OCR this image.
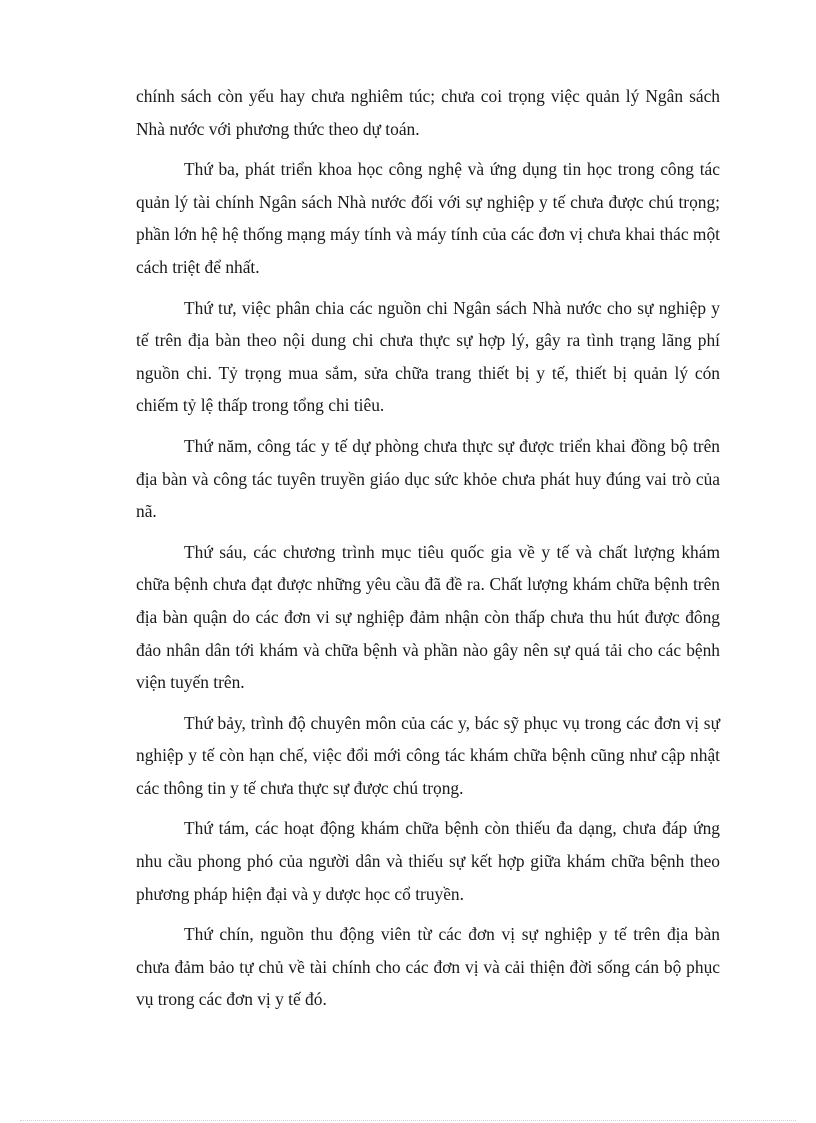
chính sách còn yếu hay chưa nghiêm túc; chưa coi trọng việc quản lý Ngân sách Nhà nước với phương thức theo dự toán.

Thứ ba, phát triển khoa học công nghệ và ứng dụng tin học trong công tác quản lý tài chính Ngân sách Nhà nước đối với sự nghiệp y tế chưa được chú trọng; phần lớn hệ hệ thống mạng máy tính và máy tính của các đơn vị chưa khai thác một cách triệt để nhất.

Thứ tư, việc phân chia các nguồn chi Ngân sách Nhà nước cho sự nghiệp y tế trên địa bàn theo nội dung chi chưa thực sự hợp lý, gây ra tình trạng lãng phí nguồn chi. Tỷ trọng mua sắm, sửa chữa trang thiết bị y tế, thiết bị quản lý cón chiếm tỷ lệ thấp trong tổng chi tiêu.

Thứ năm, công tác y tế dự phòng chưa thực sự được triển khai đồng bộ trên địa bàn và công tác tuyên truyền giáo dục sức khỏe chưa phát huy đúng vai trò của nã.

Thứ sáu, các chương trình mục tiêu quốc gia về y tế và chất lượng khám chữa bệnh chưa đạt được những yêu cầu đã đề ra. Chất lượng khám chữa bệnh trên địa bàn quận do các đơn vi sự nghiệp đảm nhận còn thấp chưa thu hút được đông đảo nhân dân tới khám và chữa bệnh và phần nào gây nên sự quá tải cho các bệnh viện tuyến trên.

Thứ bảy, trình độ chuyên môn của các y, bác sỹ phục vụ trong các đơn vị sự nghiệp y tế còn hạn chế, việc đổi mới công tác khám chữa bệnh cũng như cập nhật các thông tin y tế chưa thực sự được chú trọng.

Thứ tám, các hoạt động khám chữa bệnh còn thiếu đa dạng, chưa đáp ứng nhu cầu phong phó của người dân và thiếu sự kết hợp giữa khám chữa bệnh theo phương pháp hiện đại và y dược học cổ truyền.

Thứ chín, nguồn thu động viên từ các đơn vị sự nghiệp y tế trên địa bàn chưa đảm bảo tự chủ về tài chính cho các đơn vị và cải thiện đời sống cán bộ phục vụ trong các đơn vị y tế đó.
